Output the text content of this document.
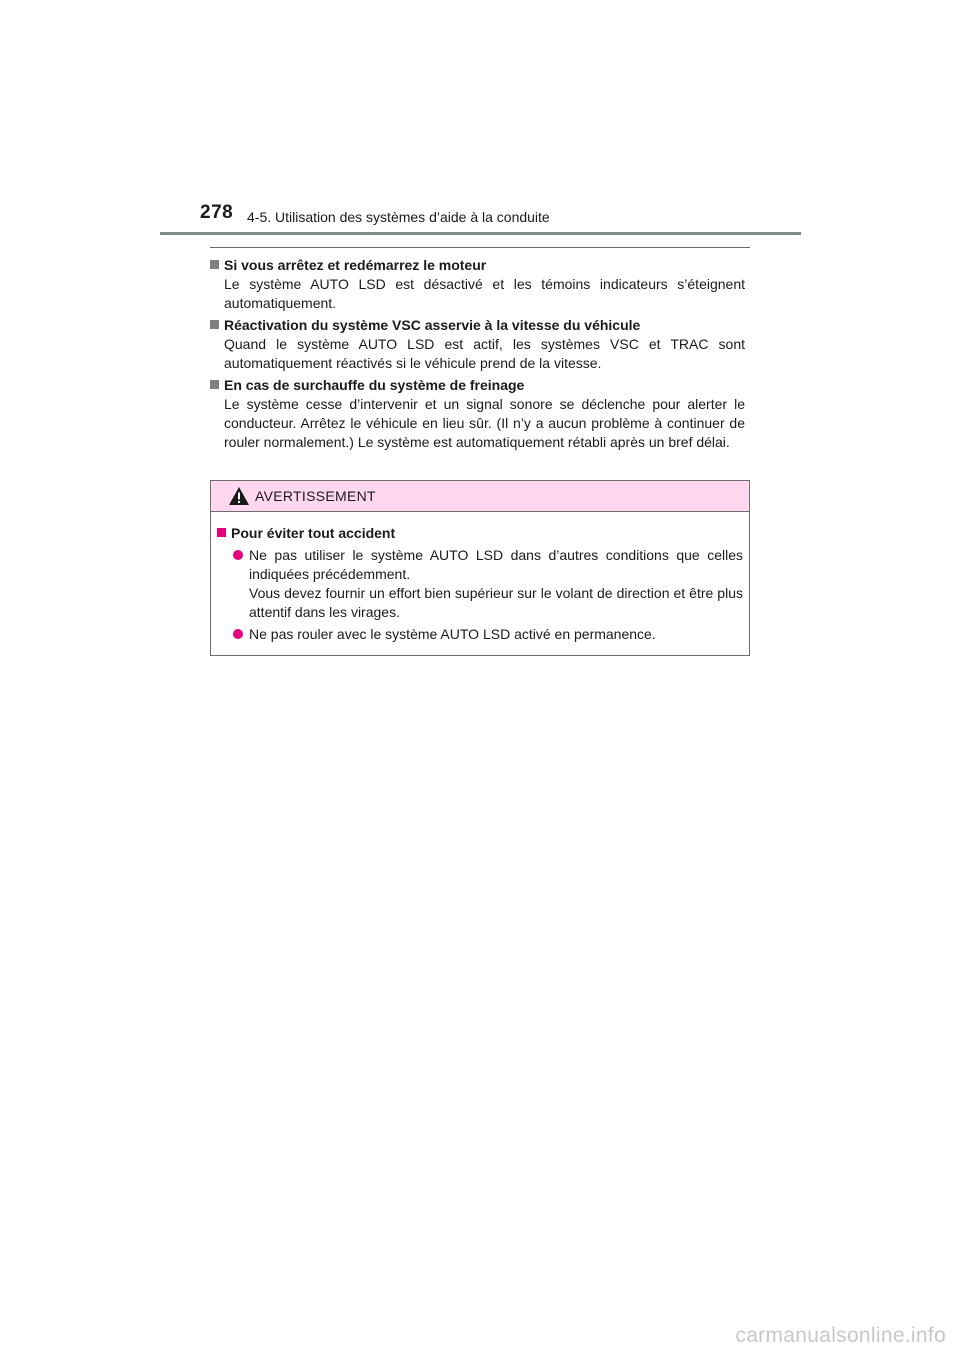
278 4-5. Utilisation des systèmes d’aide à la conduite
Si vous arrêtez et redémarrez le moteur
Le système AUTO LSD est désactivé et les témoins indicateurs s’éteignent automatiquement.
Réactivation du système VSC asservie à la vitesse du véhicule
Quand le système AUTO LSD est actif, les systèmes VSC et TRAC sont automatiquement réactivés si le véhicule prend de la vitesse.
En cas de surchauffe du système de freinage
Le système cesse d’intervenir et un signal sonore se déclenche pour alerter le conducteur. Arrêtez le véhicule en lieu sûr. (Il n’y a aucun problème à continuer de rouler normalement.) Le système est automatiquement rétabli après un bref délai.
AVERTISSEMENT
Pour éviter tout accident
Ne pas utiliser le système AUTO LSD dans d’autres conditions que celles indiquées précédemment.
Vous devez fournir un effort bien supérieur sur le volant de direction et être plus attentif dans les virages.
Ne pas rouler avec le système AUTO LSD activé en permanence.
carmanualsonline.info
